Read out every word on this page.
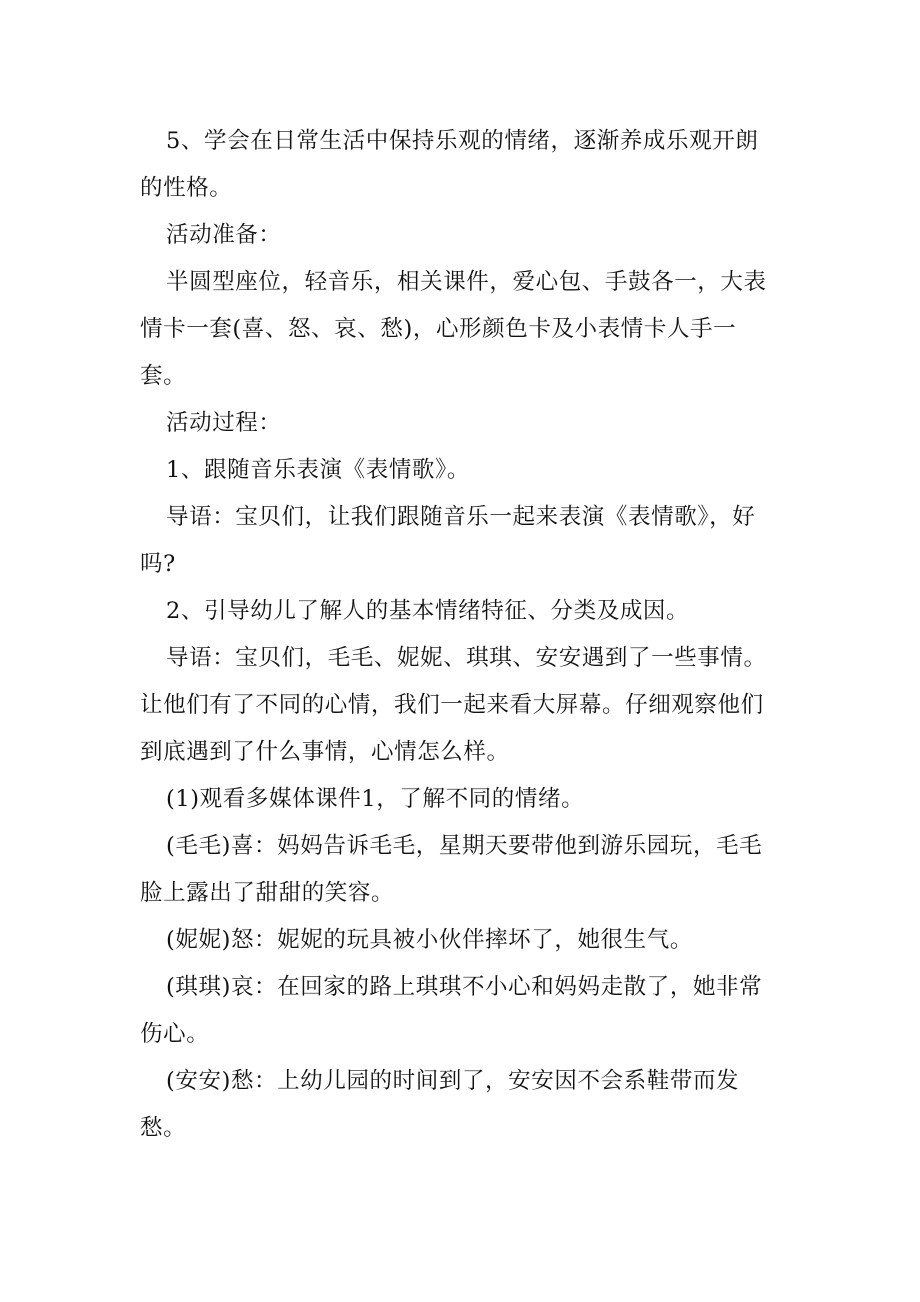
5、学会在日常生活中保持乐观的情绪，逐渐养成乐观开朗的性格。

活动准备：

半圆型座位，轻音乐，相关课件，爱心包、手鼓各一，大表情卡一套(喜、怒、哀、愁)，心形颜色卡及小表情卡人手一套。

活动过程：

1、跟随音乐表演《表情歌》。

导语：宝贝们，让我们跟随音乐一起来表演《表情歌》，好吗?

2、引导幼儿了解人的基本情绪特征、分类及成因。

导语：宝贝们，毛毛、妮妮、琪琪、安安遇到了一些事情。让他们有了不同的心情，我们一起来看大屏幕。仔细观察他们到底遇到了什么事情，心情怎么样。

(1)观看多媒体课件1，了解不同的情绪。

(毛毛)喜：妈妈告诉毛毛，星期天要带他到游乐园玩，毛毛脸上露出了甜甜的笑容。

(妮妮)怒：妮妮的玩具被小伙伴摔坏了，她很生气。

(琪琪)哀：在回家的路上琪琪不小心和妈妈走散了，她非常伤心。

(安安)愁：上幼儿园的时间到了，安安因不会系鞋带而发愁。
